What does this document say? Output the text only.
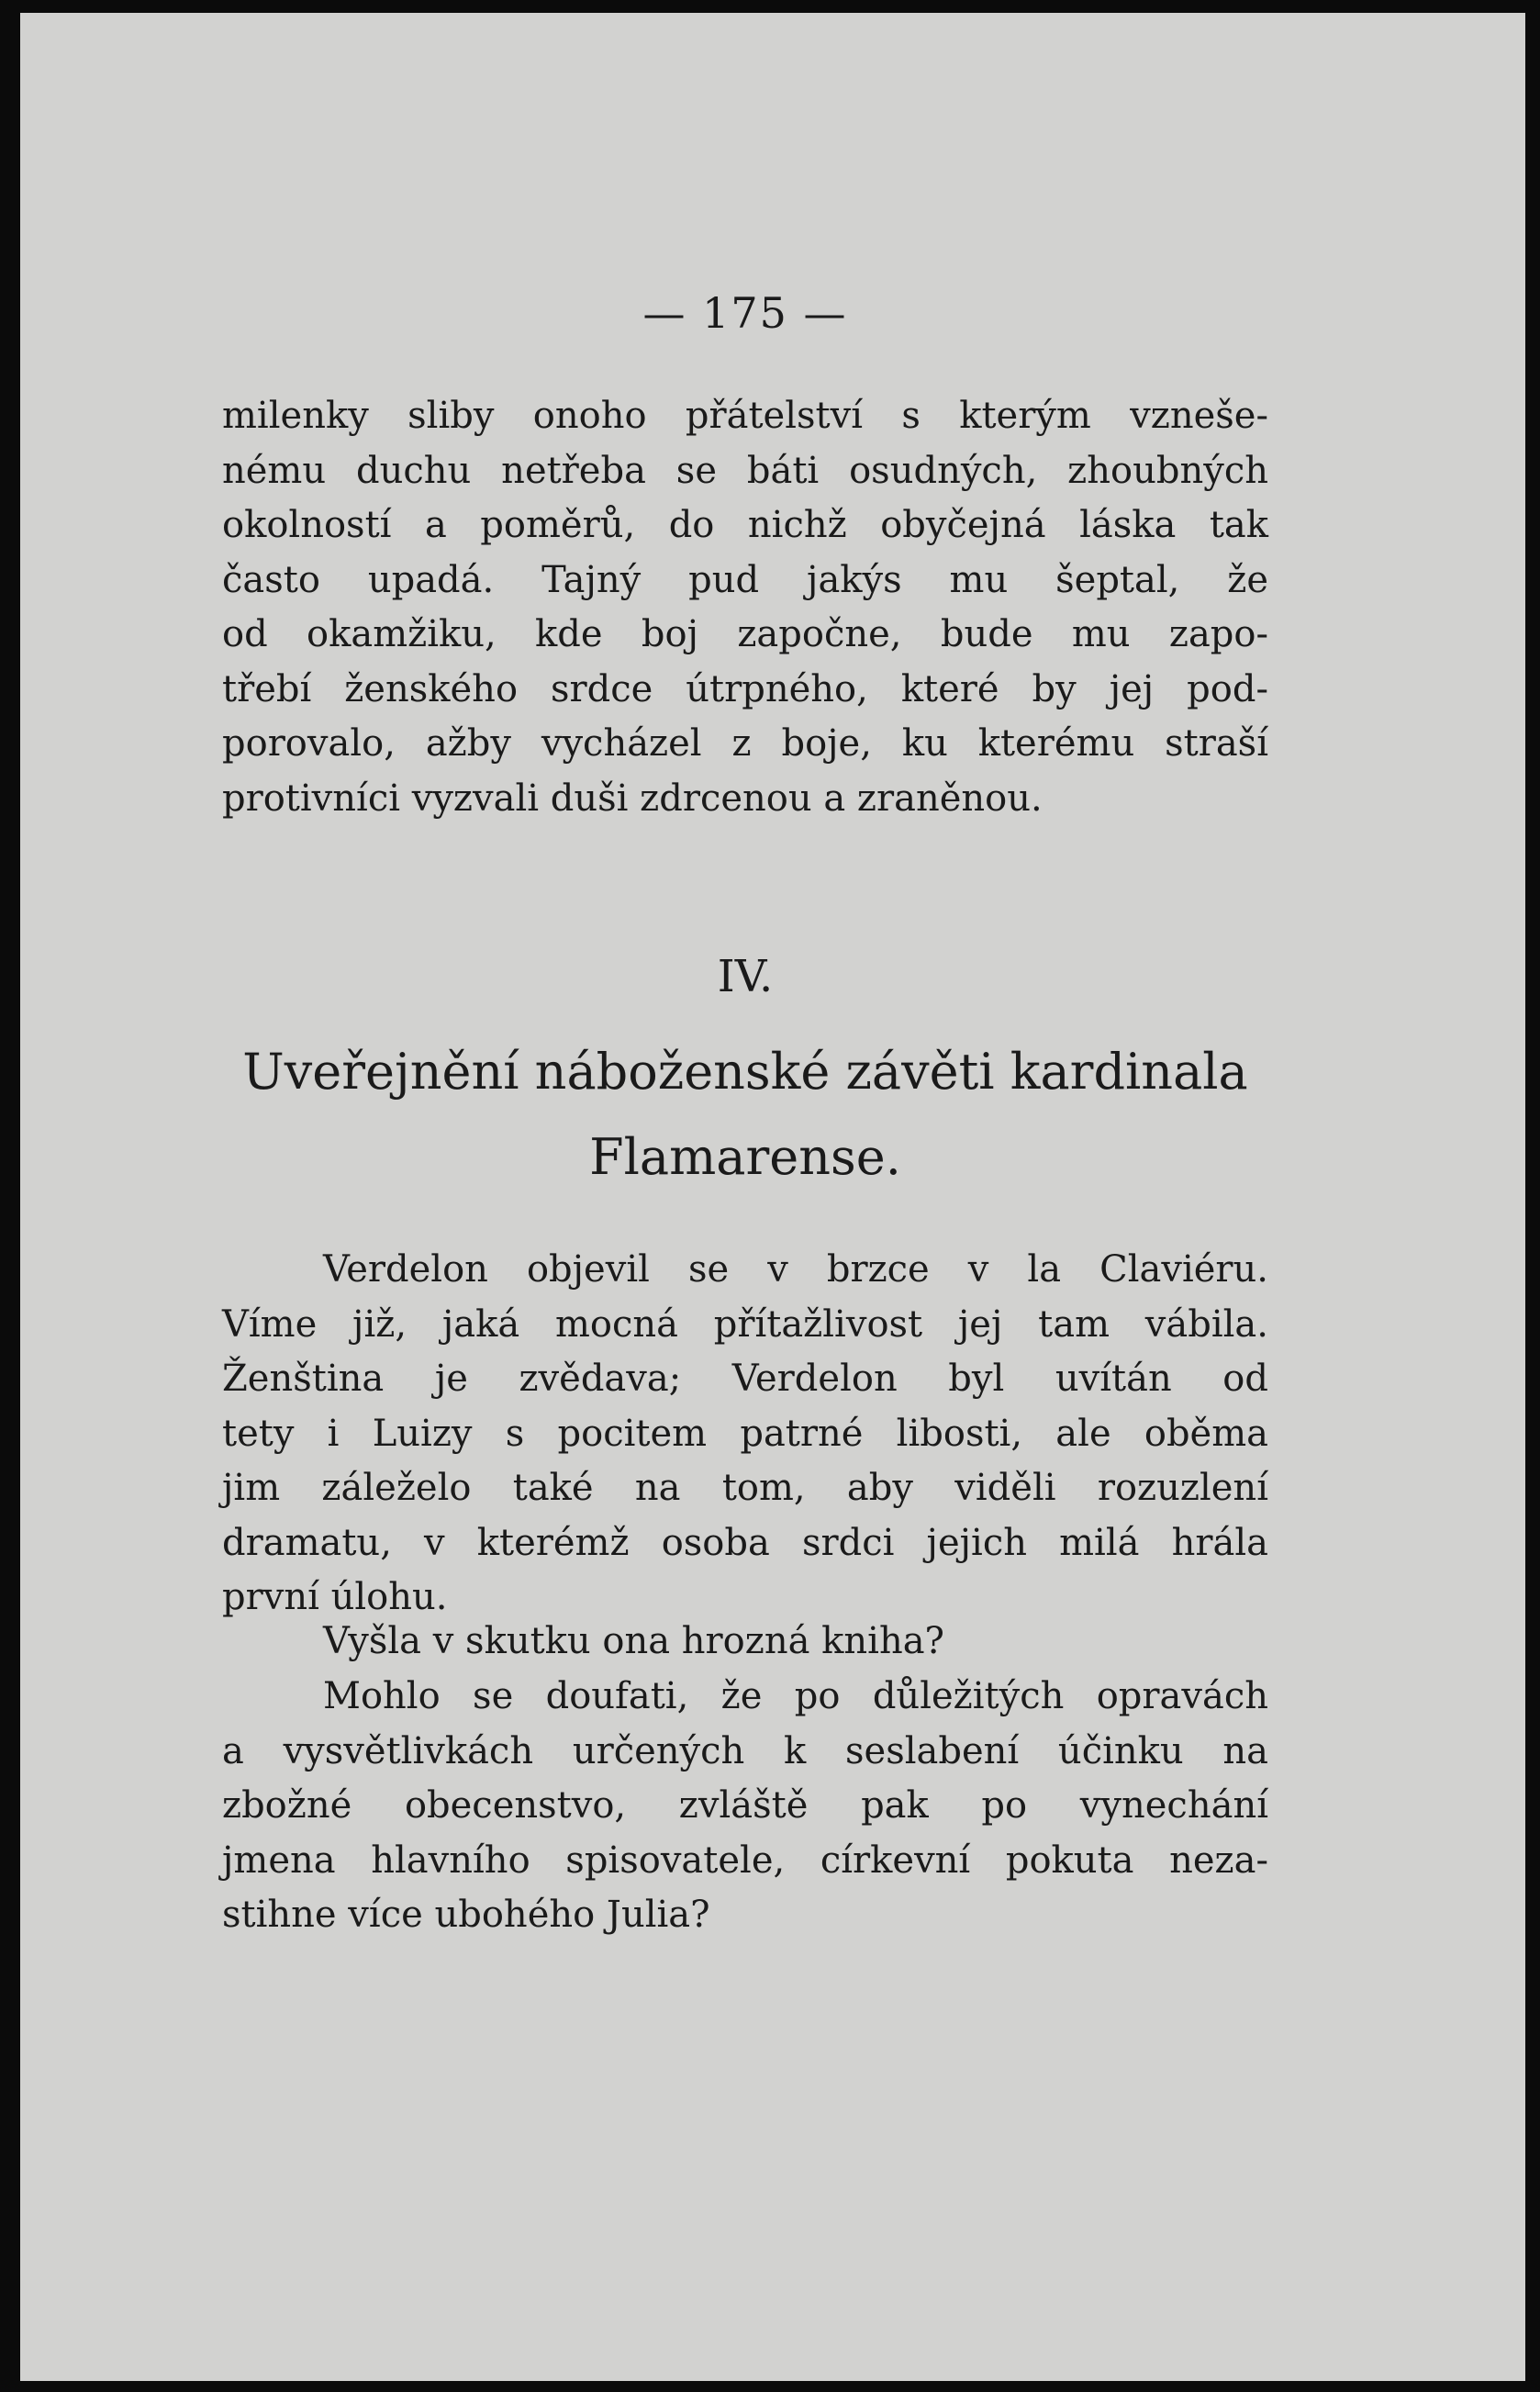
— 175 —
milenky sliby onoho přátelství s kterým vzneše-
nému duchu netřeba se báti osudných, zhoubných
okolností a poměrů, do nichž obyčejná láska tak
často upadá. Tajný pud jakýs mu šeptal, že
od okamžiku, kde boj započne, bude mu zapo-
třebí ženského srdce útrpného, které by jej pod-
porovalo, ažby vycházel z boje, ku kterému straší
protivníci vyzvali duši zdrcenou a zraněnou.
IV.
Uveřejnění náboženské závěti kardinala
Flamarense.
Verdelon objevil se v brzce v la Claviéru.
Víme již, jaká mocná přítažlivost jej tam vábila.
Ženština je zvědava; Verdelon byl uvítán od
tety i Luizy s pocitem patrné libosti, ale oběma
jim záleželo také na tom, aby viděli rozuzlení
dramatu, v kterémž osoba srdci jejich milá hrála
první úlohu.
Vyšla v skutku ona hrozná kniha?
Mohlo se doufati, že po důležitých opravách
a vysvětlivkách určených k seslabení účinku na
zbožné obecenstvo, zvláště pak po vynechání
jmena hlavního spisovatele, církevní pokuta neza-
stihne více ubohého Julia?
